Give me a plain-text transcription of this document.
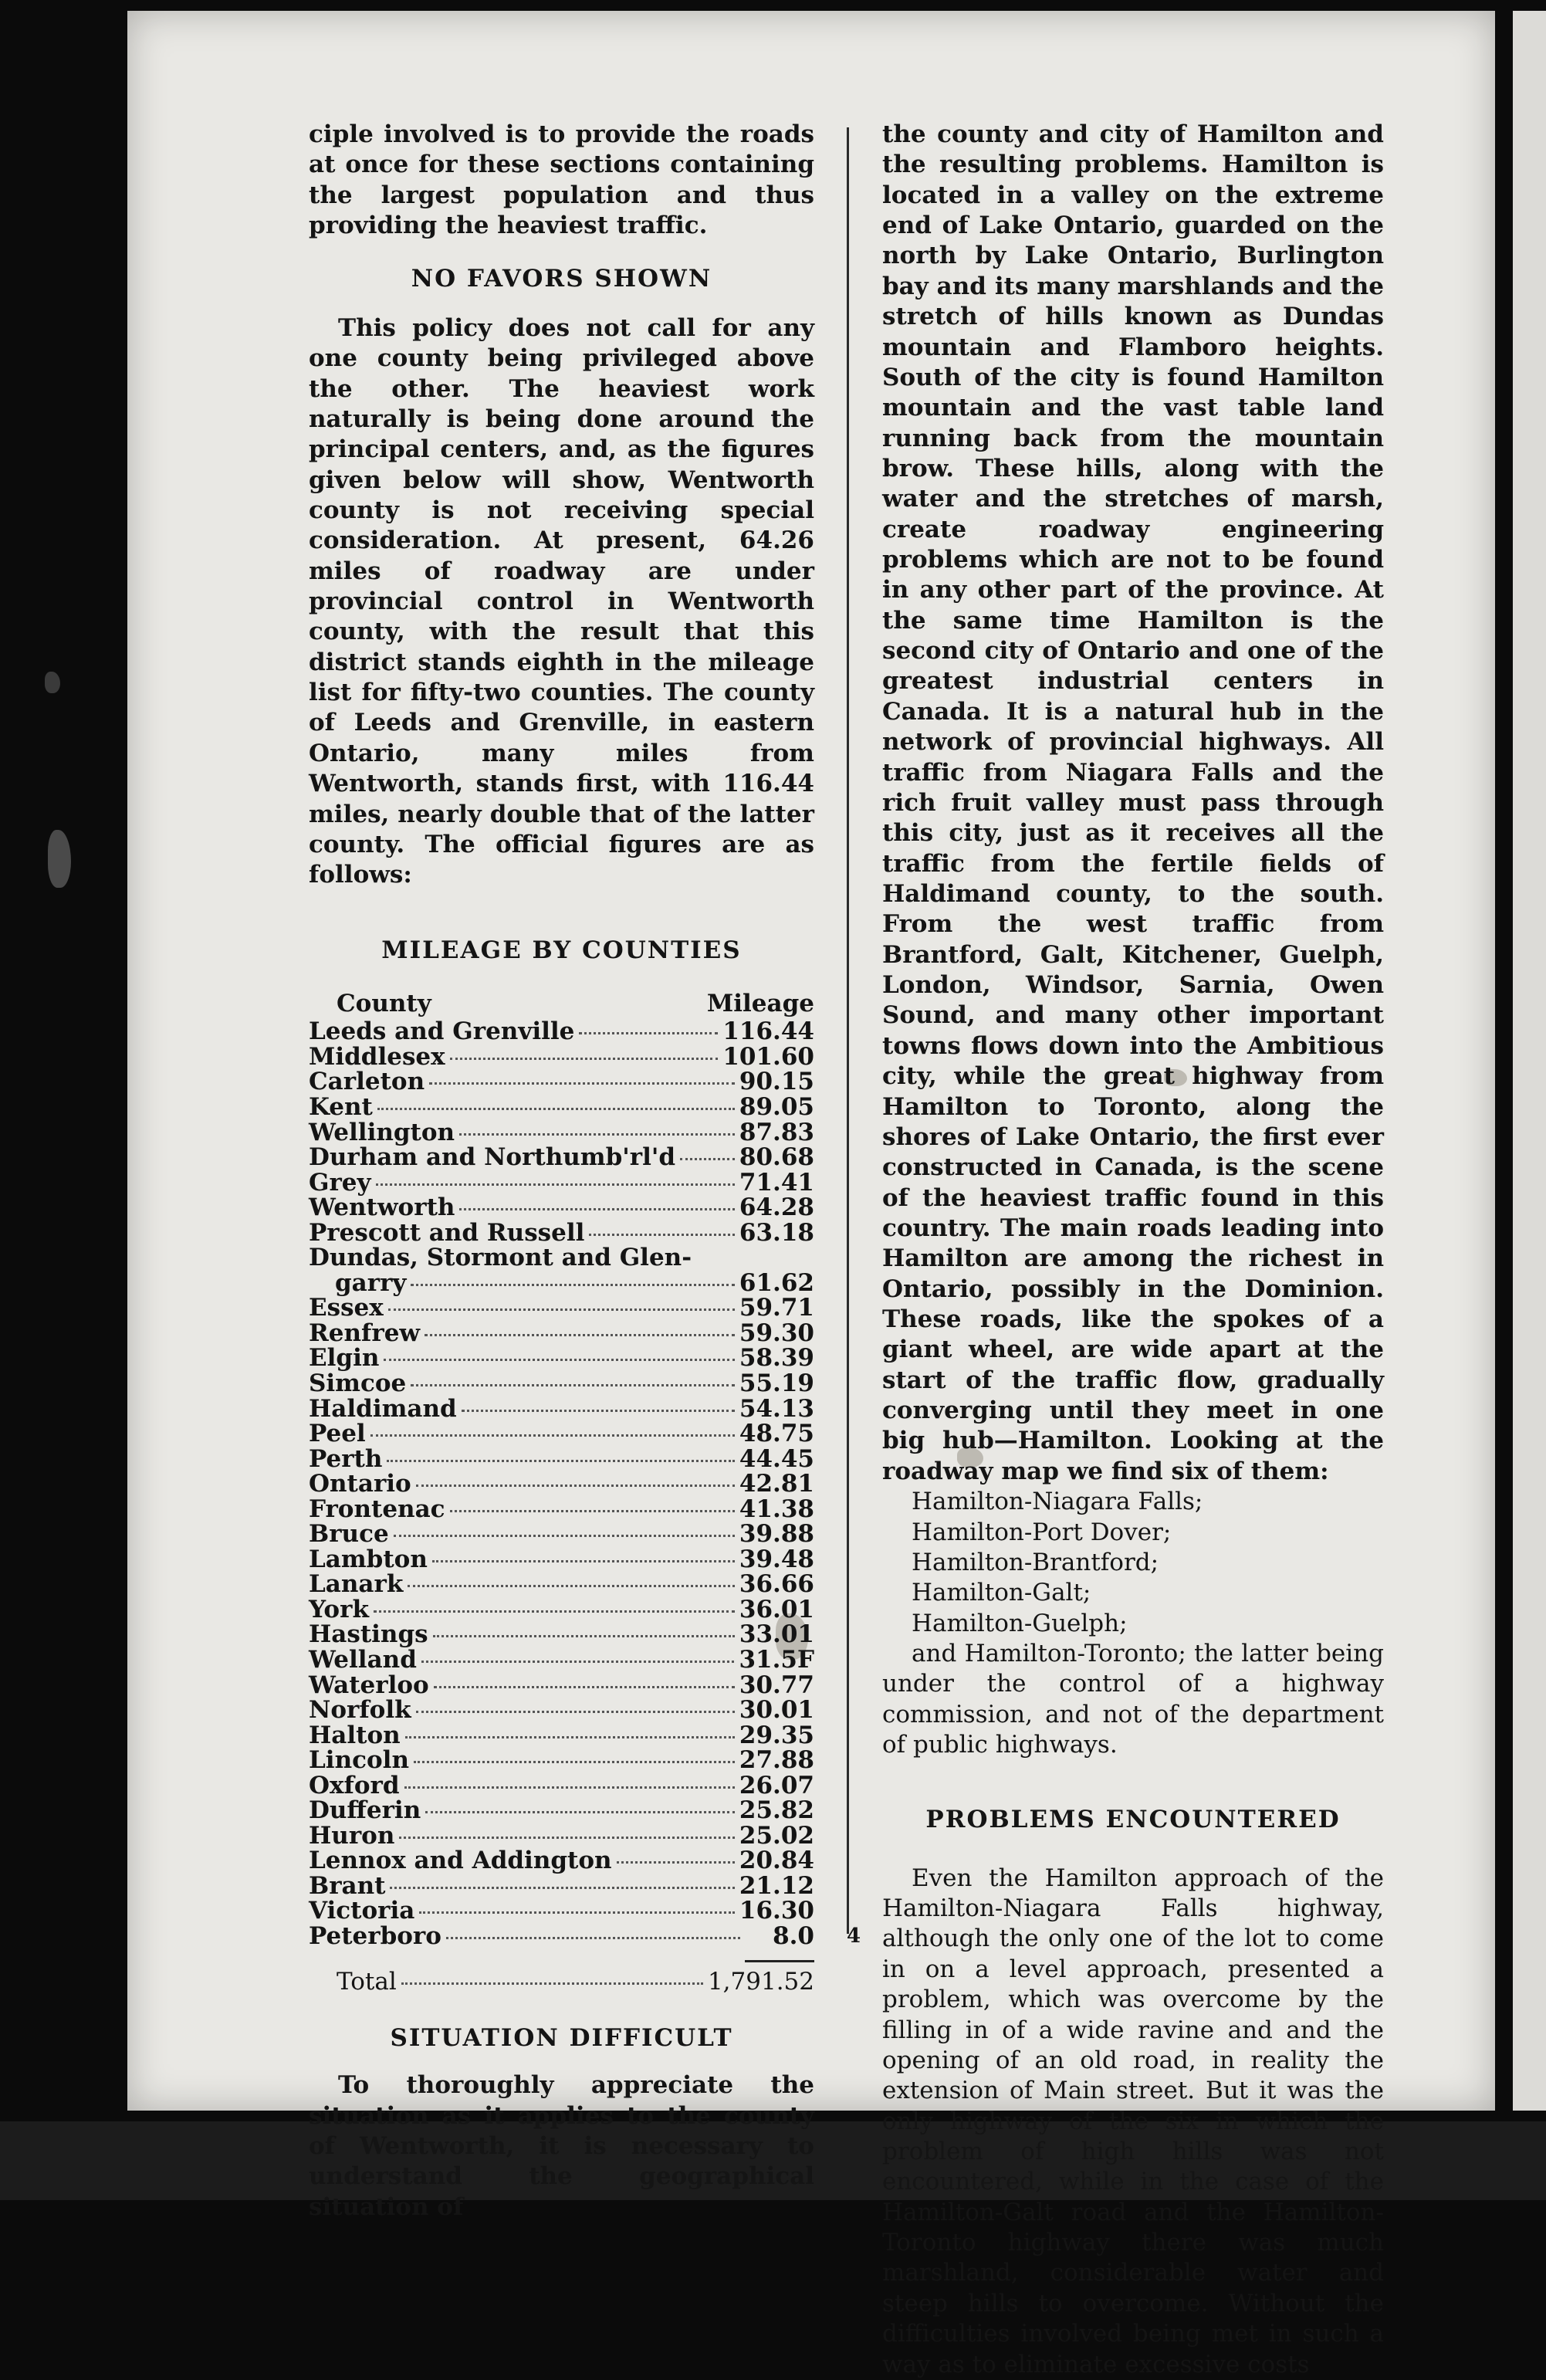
ciple involved is to provide the roads at once for these sections containing the largest population and thus providing the heaviest traffic.

NO FAVORS SHOWN

This policy does not call for any one county being privileged above the other. The heaviest work naturally is being done around the principal centers, and, as the figures given below will show, Wentworth county is not receiving special consideration. At present, 64.26 miles of roadway are under provincial control in Wentworth county, with the result that this district stands eighth in the mileage list for fifty-two counties. The county of Leeds and Grenville, in eastern Ontario, many miles from Wentworth, stands first, with 116.44 miles, nearly double that of the latter county. The official figures are as follows:

MILEAGE BY COUNTIES
County	Mileage
Leeds and Grenville	116.44
Middlesex	101.60
Carleton	90.15
Kent	89.05
Wellington	87.83
Durham and Northumb'rl'd	80.68
Grey	71.41
Wentworth	64.28
Prescott and Russell	63.18
Dundas, Stormont and Glen-
garry	61.62
Essex	59.71
Renfrew	59.30
Elgin	58.39
Simcoe	55.19
Haldimand	54.13
Peel	48.75
Perth	44.45
Ontario	42.81
Frontenac	41.38
Bruce	39.88
Lambton	39.48
Lanark	36.66
York	36.01
Hastings	33.01
Welland	31.5F
Waterloo	30.77
Norfolk	30.01
Halton	29.35
Lincoln	27.88
Oxford	26.07
Dufferin	25.82
Huron	25.02
Lennox and Addington	20.84
Brant	21.12
Victoria	16.30
Peterboro	8.0
Total	1,791.52
SITUATION DIFFICULT

To thoroughly appreciate the situation as it applies to the county of Wentworth, it is necessary to understand the geographical situation of

the county and city of Hamilton and the resulting problems. Hamilton is located in a valley on the extreme end of Lake Ontario, guarded on the north by Lake Ontario, Burlington bay and its many marshlands and the stretch of hills known as Dundas mountain and Flamboro heights. South of the city is found Hamilton mountain and the vast table land running back from the mountain brow. These hills, along with the water and the stretches of marsh, create roadway engineering problems which are not to be found in any other part of the province. At the same time Hamilton is the second city of Ontario and one of the greatest industrial centers in Canada. It is a natural hub in the network of provincial highways. All traffic from Niagara Falls and the rich fruit valley must pass through this city, just as it receives all the traffic from the fertile fields of Haldimand county, to the south. From the west traffic from Brantford, Galt, Kitchener, Guelph, London, Windsor, Sarnia, Owen Sound, and many other important towns flows down into the Ambitious city, while the great highway from Hamilton to Toronto, along the shores of Lake Ontario, the first ever constructed in Canada, is the scene of the heaviest traffic found in this country. The main roads leading into Hamilton are among the richest in Ontario, possibly in the Dominion. These roads, like the spokes of a giant wheel, are wide apart at the start of the traffic flow, gradually converging until they meet in one big hub—Hamilton. Looking at the roadway map we find six of them:

Hamilton-Niagara Falls;
Hamilton-Port Dover;
Hamilton-Brantford;
Hamilton-Galt;
Hamilton-Guelph;

and Hamilton-Toronto; the latter being under the control of a highway commission, and not of the department of public highways.

PROBLEMS ENCOUNTERED

Even the Hamilton approach of the Hamilton-Niagara Falls highway, although the only one of the lot to come in on a level approach, presented a problem, which was overcome by the filling in of a wide ravine and and the opening of an old road, in reality the extension of Main street. But it was the only highway of the six in which the problem of high hills was not encountered, while in the case of the Hamilton-Galt road and the Hamilton-Toronto highway there was much marshland, considerable water and steep hills to overcome. Without the difficulties involved being met in such a way as to eliminate excessive costs

4
